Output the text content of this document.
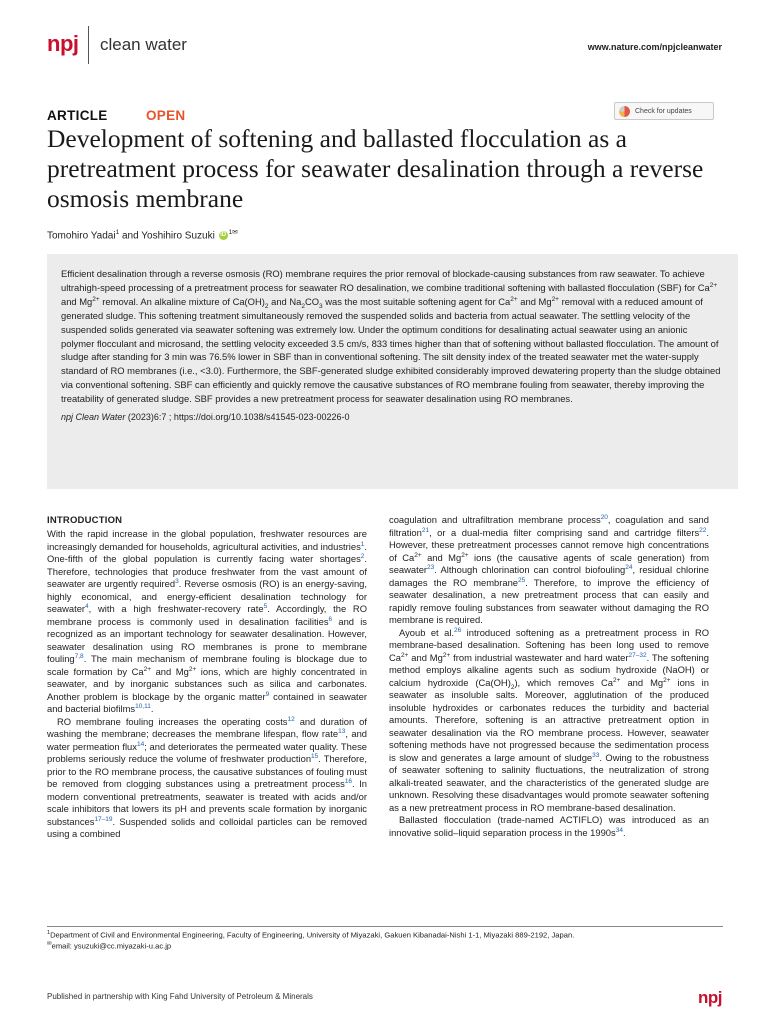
npj clean water	www.nature.com/npjcleanwater
ARTICLE	OPEN	Check for updates
Development of softening and ballasted flocculation as a pretreatment process for seawater desalination through a reverse osmosis membrane
Tomohiro Yadai$^1$ and Yoshihiro Suzuki iD $^{1✉}$

Efficient desalination through a reverse osmosis (RO) membrane requires the prior removal of blockade-causing substances from raw seawater. To achieve ultrahigh-speed processing of a pretreatment process for seawater RO desalination, we combine traditional softening with ballasted flocculation (SBF) for $Ca^{2+}$ and $Mg^{2+}$ removal. An alkaline mixture of $Ca(OH)_2$ and $Na_2CO_3$ was the most suitable softening agent for $Ca^{2+}$ and $Mg^{2+}$ removal with a reduced amount of generated sludge. This softening treatment simultaneously removed the suspended solids and bacteria from actual seawater. The settling velocity of the suspended solids generated via seawater softening was extremely low. Under the optimum conditions for desalinating actual seawater using an anionic polymer flocculant and microsand, the settling velocity exceeded 3.5 cm/s, 833 times higher than that of softening without ballasted flocculation. The amount of sludge after standing for 3 min was 76.5% lower in SBF than in conventional softening. The silt density index of the treated seawater met the water-supply standard of RO membranes (i.e., <3.0). Furthermore, the SBF-generated sludge exhibited considerably improved dewatering property than the sludge obtained via conventional softening. SBF can efficiently and quickly remove the causative substances of RO membrane fouling from seawater, thereby improving the treatability of generated sludge. SBF provides a new pretreatment process for seawater desalination using RO membranes.

npj Clean Water (2023)6:7 ; https://doi.org/10.1038/s41545-023-00226-0
INTRODUCTION

With the rapid increase in the global population, freshwater resources are increasingly demanded for households, agricultural activities, and industries$^1$. One-fifth of the global population is currently facing water shortages$^2$. Therefore, technologies that produce freshwater from the vast amount of seawater are urgently required$^3$. Reverse osmosis (RO) is an energy-saving, highly economical, and energy-efficient desalination technology for seawater$^4$, with a high freshwater-recovery rate$^5$. Accordingly, the RO membrane process is commonly used in desalination facilities$^6$ and is recognized as an important technology for seawater desalination. However, seawater desalination using RO membranes is prone to membrane fouling$^{7,8}$. The main mechanism of membrane fouling is blockage due to scale formation by $Ca^{2+}$ and $Mg^{2+}$ ions, which are highly concentrated in seawater, and by inorganic substances such as silica and carbonates. Another problem is blockage by the organic matter$^9$ contained in seawater and bacterial biofilms$^{10,11}$.

RO membrane fouling increases the operating costs$^{12}$ and duration of washing the membrane; decreases the membrane lifespan, flow rate$^{13}$, and water permeation flux$^{14}$; and deteriorates the permeated water quality. These problems seriously reduce the volume of freshwater production$^{15}$. Therefore, prior to the RO membrane process, the causative substances of fouling must be removed from clogging substances using a pretreatment process$^{16}$. In modern conventional pretreatments, seawater is treated with acids and/or scale inhibitors that lowers its pH and prevents scale formation by inorganic substances$^{17-19}$. Suspended solids and colloidal particles can be removed using a combined

coagulation and ultrafiltration membrane process$^{20}$, coagulation and sand filtration$^{21}$, or a dual-media filter comprising sand and cartridge filters$^{22}$. However, these pretreatment processes cannot remove high concentrations of $Ca^{2+}$ and $Mg^{2+}$ ions (the causative agents of scale generation) from seawater$^{23}$. Although chlorination can control biofouling$^{24}$, residual chlorine damages the RO membrane$^{25}$. Therefore, to improve the efficiency of seawater desalination, a new pretreatment process that can easily and rapidly remove fouling substances from seawater without damaging the RO membrane is required.

Ayoub et al.$^{26}$ introduced softening as a pretreatment process in RO membrane-based desalination. Softening has been long used to remove $Ca^{2+}$ and $Mg^{2+}$ from industrial wastewater and hard water$^{27-32}$. The softening method employs alkaline agents such as sodium hydroxide (NaOH) or calcium hydroxide $(Ca(OH)_2)$, which removes $Ca^{2+}$ and $Mg^{2+}$ ions in seawater as insoluble salts. Moreover, agglutination of the produced insoluble hydroxides or carbonates reduces the turbidity and bacterial amounts. Therefore, softening is an attractive pretreatment option in seawater desalination via the RO membrane process. However, seawater softening methods have not progressed because the sedimentation process is slow and generates a large amount of sludge$^{33}$. Owing to the robustness of seawater softening to salinity fluctuations, the neutralization of strong alkali-treated seawater, and the characteristics of the generated sludge are unknown. Resolving these disadvantages would promote seawater softening as a new pretreatment process in RO membrane-based desalination.

Ballasted flocculation (trade-named ACTIFLO) was introduced as an innovative solid–liquid separation process in the 1990s$^{34}$.

$^1$Department of Civil and Environmental Engineering, Faculty of Engineering, University of Miyazaki, Gakuen Kibanadai-Nishi 1-1, Miyazaki 889-2192, Japan.
✉email: ysuzuki@cc.miyazaki-u.ac.jp
Published in partnership with King Fahd University of Petroleum & Minerals	npj
